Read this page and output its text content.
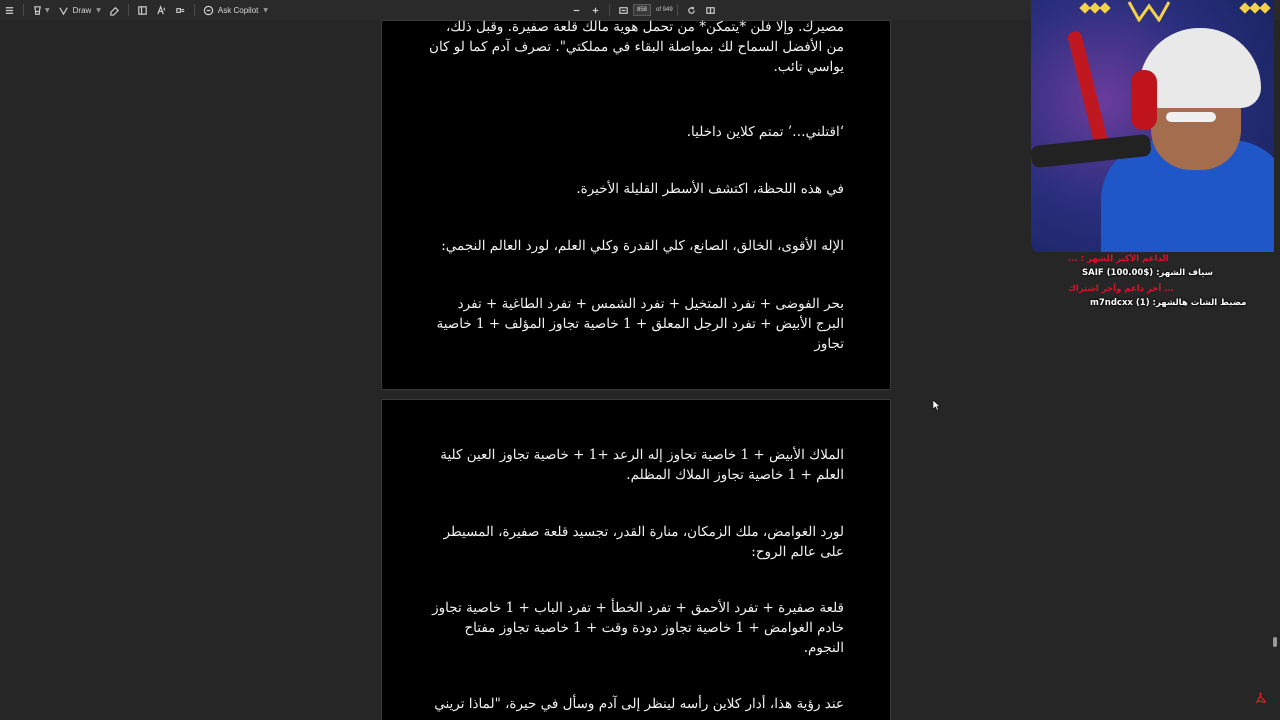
▼	Draw ▼	Ask Copilot ▼	858	of 949
مصيرك. وإلا فلن *يتمكن* من تحمل هوية مالك قلعة صفيرة. وقبل ذلك، من الأفضل السماح لك بمواصلة البقاء في مملكتي". تصرف آدم كما لو كان يواسي تائب.
‘اقتلني…’ تمتم كلاين داخليا.
في هذه اللحظة، اكتشف الأسطر القليلة الأخيرة.
الإله الأقوى، الخالق، الصانع، كلي القدرة وكلي العلم، لورد العالم النجمي:
بحر الفوضى + تفرد المتخيل + تفرد الشمس + تفرد الطاغية + تفرد البرج الأبيض + تفرد الرجل المعلق + 1 خاصية تجاوز المؤلف + 1 خاصية تجاوز
الملاك الأبيض + 1 خاصية تجاوز إله الرعد +1 + خاصية تجاوز العين كلية العلم + 1 خاصية تجاوز الملاك المظلم.
لورد الغوامض، ملك الزمكان، منارة القدر، تجسيد قلعة صفيرة، المسيطر على عالم الروح:
قلعة صفيرة + تفرد الأحمق + تفرد الخطأ + تفرد الباب + 1 خاصية تجاوز خادم الغوامض + 1 خاصية تجاوز دودة وقت + 1 خاصية تجاوز مفتاح النجوم.
عند رؤية هذا، أدار كلاين رأسه لينظر إلى آدم وسأل في حيرة، "لماذا تريني
الداعم الأكبر للشهر : ...
سياف الشهر: ($100.00) SAIF
... آخر داعم وآخر اشتراك
مضبط الشات هالشهر: (1) m7ndcxx
